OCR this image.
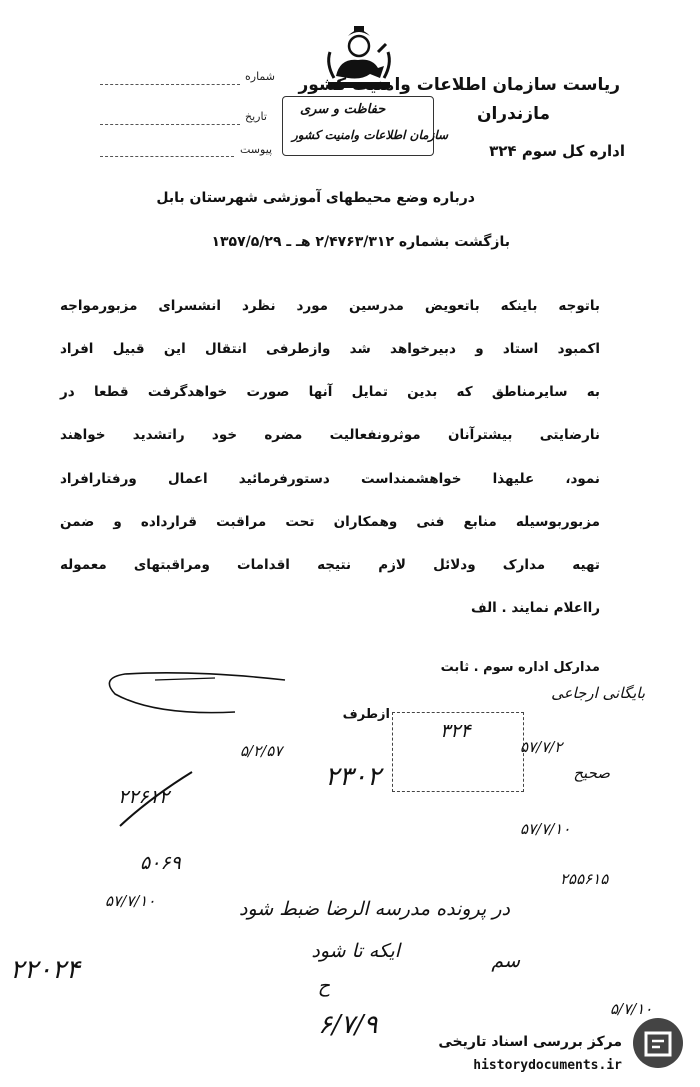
ریاست سازمان اطلاعات وامنیت کشور
مازندران
اداره کل سوم ۳۲۴
شماره
تاریخ
پیوست
حفاظت و سری
سازمان اطلاعات وامنیت کشور
درباره وضع محیطهای آموزشی شهرستان بابل
بازگشت بشماره ۲/۴۷۶۳/۳۱۲ هـ ـ ۱۳۵۷/۵/۲۹
باتوجه باینکه باتعویض مدرسین مورد نظرد انشسرای مزبورمواجه
اکمبود استاد و دبیرخواهد شد وازطرفی انتقال این قبیل افراد
به سایرمناطق که بدین تمایل آنها صورت خواهدگرفت قطعا در
نارضایتی بیشترآنان موثرونفعالیت مضره خود راتشدید خواهند
نمود، علیهذا خواهشمنداست دستورفرمائید اعمال ورفتارافراد
مزبوربوسیله منابع فنی وهمکاران تحت مراقبت قرارداده و ضمن
تهیه مدارک ودلائل لازم نتیجه اقدامات ومراقبتهای معموله
رااعلام نمایند . الف
مدارکل اداره سوم . ثابت
ازطرف
۵/۲/۵۷
۳۲۴
۲۳۰۲
۲۲۶۱۲
۵۰۶۹
۵۷/۷/۱۰
بایگانی ارجاعی
۵۷/۷/۲
صحیح
۵۷/۷/۱۰
۲۵۵۶۱۵
۲۲۰۲۴
در پرونده مدرسه الرضا ضبط شود
ایکه تا شود	سم
ح
۶/۷/۹
۵/۷/۱۰
مرکز بررسی اسناد تاریخی
historydocuments.ir
